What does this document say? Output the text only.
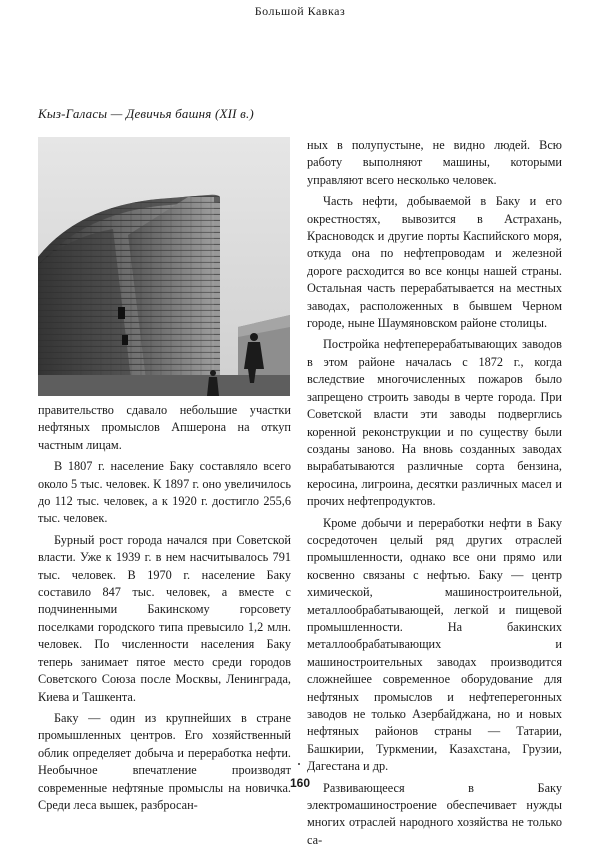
Большой Кавказ
Кыз-Галасы — Девичья башня (XII в.)

правительство сдавало небольшие участки нефтяных промыслов Апшерона на откуп частным лицам.

В 1807 г. население Баку составляло всего около 5 тыс. человек. К 1897 г. оно увеличилось до 112 тыс. человек, а к 1920 г. достигло 255,6 тыс. человек.

Бурный рост города начался при Советской власти. Уже к 1939 г. в нем насчитывалось 791 тыс. человек. В 1970 г. население Баку составило 847 тыс. человек, а вместе с подчиненными Бакинскому горсовету поселками городского типа превысило 1,2 млн. человек. По численности населения Баку теперь занимает пятое место среди городов Советского Союза после Москвы, Ленинграда, Киева и Ташкента.

Баку — один из крупнейших в стране промышленных центров. Его хозяйственный облик определяет добыча и переработка нефти. Необычное впечатление производят современные нефтяные промыслы на новичка. Среди леса вышек, разбросан-

ных в полупустыне, не видно людей. Всю работу выполняют машины, которыми управляют всего несколько человек.

Часть нефти, добываемой в Баку и его окрестностях, вывозится в Астрахань, Красноводск и другие порты Каспийского моря, откуда она по нефтепроводам и железной дороге расходится во все концы нашей страны. Остальная часть перерабатывается на местных заводах, расположенных в бывшем Черном городе, ныне Шаумяновском районе столицы.

Постройка нефтеперерабатывающих заводов в этом районе началась с 1872 г., когда вследствие многочисленных пожаров было запрещено строить заводы в черте города. При Советской власти эти заводы подверглись коренной реконструкции и по существу были созданы заново. На вновь созданных заводах вырабатываются различные сорта бензина, керосина, лигроина, десятки различных масел и прочих нефтепродуктов.

Кроме добычи и переработки нефти в Баку сосредоточен целый ряд других отраслей промышленности, однако все они прямо или косвенно связаны с нефтью. Баку — центр химической, машиностроительной, металлообрабатывающей, легкой и пищевой промышленности. На бакинских металлообрабатывающих и машиностроительных заводах производится сложнейшее современное оборудование для нефтяных промыслов и нефтеперегонных заводов не только Азербайджана, но и новых нефтяных районов страны — Татарии, Башкирии, Туркмении, Казахстана, Грузии, Дагестана и др.

Развивающееся в Баку электромашиностроение обеспечивает нужды многих отраслей народного хозяйства не только са-

160
